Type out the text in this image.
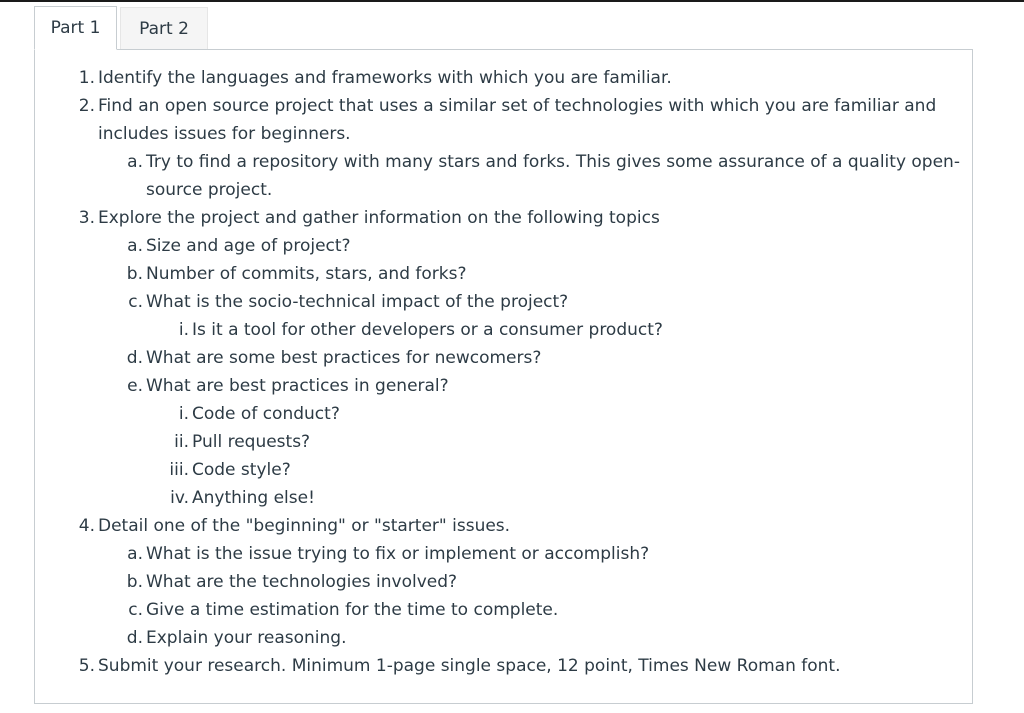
Part 1	Part 2
1. Identify the languages and frameworks with which you are familiar.
2. Find an open source project that uses a similar set of technologies with which you are familiar and
includes issues for beginners.
a. Try to find a repository with many stars and forks. This gives some assurance of a quality open-
source project.
3. Explore the project and gather information on the following topics
a. Size and age of project?
b. Number of commits, stars, and forks?
c. What is the socio-technical impact of the project?
i. Is it a tool for other developers or a consumer product?
d. What are some best practices for newcomers?
e. What are best practices in general?
i. Code of conduct?
ii. Pull requests?
iii. Code style?
iv. Anything else!
4. Detail one of the "beginning" or "starter" issues.
a. What is the issue trying to fix or implement or accomplish?
b. What are the technologies involved?
c. Give a time estimation for the time to complete.
d. Explain your reasoning.
5. Submit your research. Minimum 1-page single space, 12 point, Times New Roman font.
